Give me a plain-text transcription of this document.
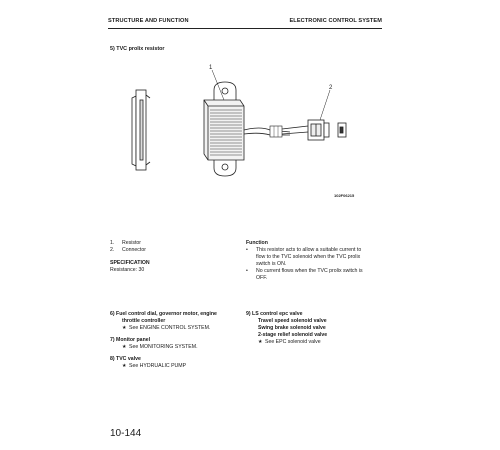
STRUCTURE AND FUNCTION	ELECTRONIC CONTROL SYSTEM
5) TVC prolix resistor
1
2
102F06215
1.	Resistor
2.	Connector
SPECIFICATION
Resistance: 30
Function
•	This resistor acts to allow a suitable current to
flow to the TVC solenoid when the TVC prolix
switch is ON.
•	No current flows when the TVC prolix switch is
OFF.
6) Fuel control dial, governor motor, engine
throttle controller
★ See ENGINE CONTROL SYSTEM.
7) Monitor panel
★ See MONITORING SYSTEM.
8) TVC valve
★ See HYDRUALIC PUMP
9) LS control epc valve
Travel speed solenoid valve
Swing brake solenoid valve
2-stage relief solenoid valve
★ See EPC solenoid valve
10-144
